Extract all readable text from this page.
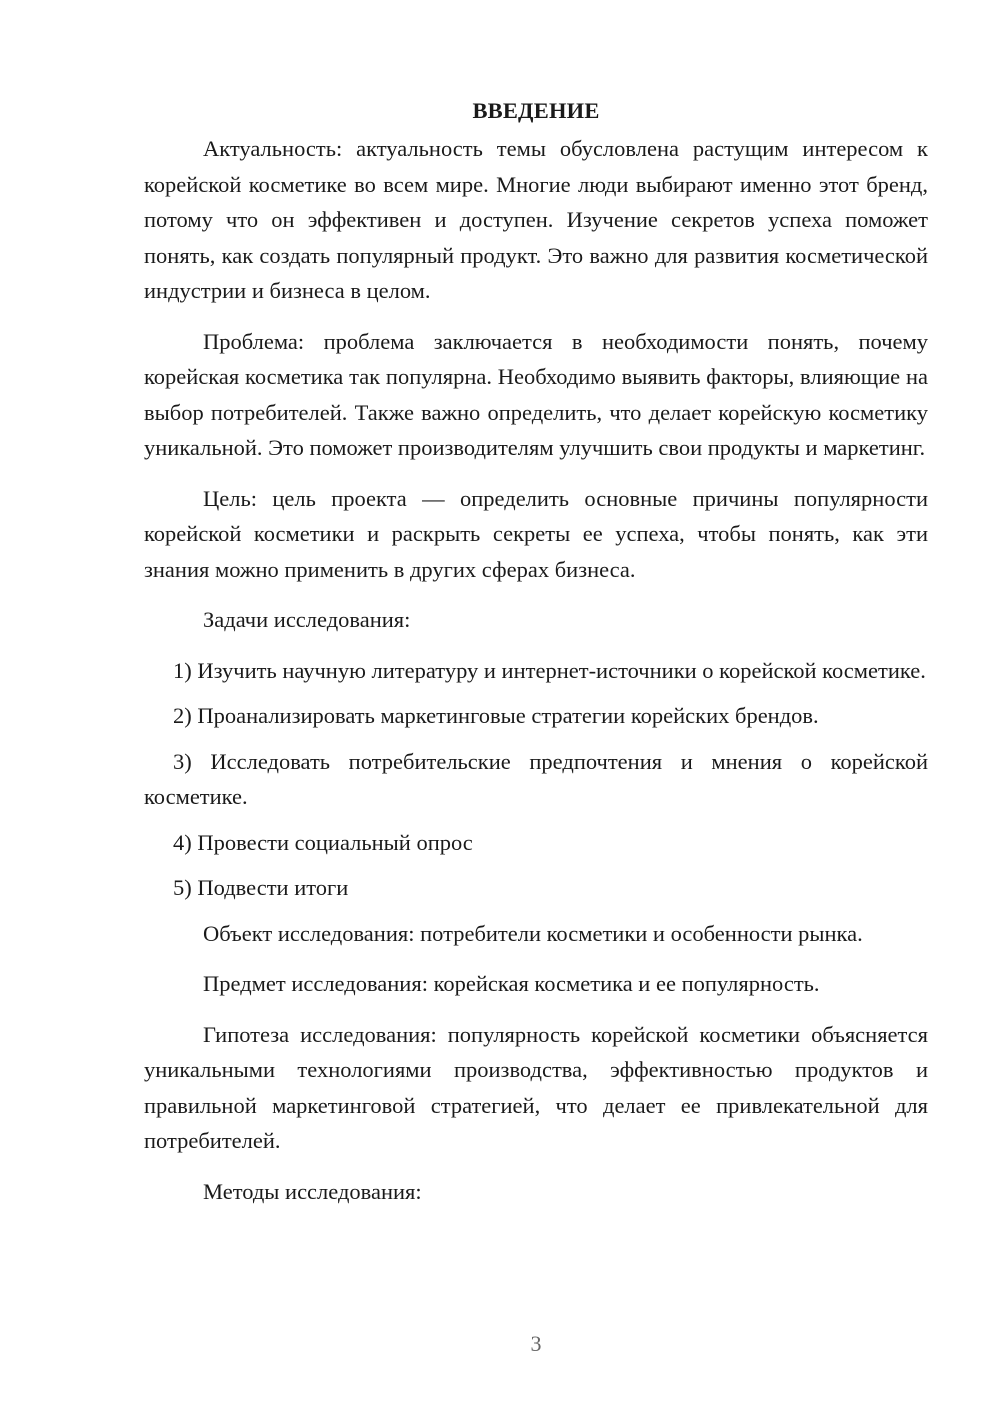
ВВЕДЕНИЕ

Актуальность: актуальность темы обусловлена растущим интересом к корейской косметике во всем мире. Многие люди выбирают именно этот бренд, потому что он эффективен и доступен. Изучение секретов успеха поможет понять, как создать популярный продукт. Это важно для развития косметической индустрии и бизнеса в целом.

Проблема: проблема заключается в необходимости понять, почему корейская косметика так популярна. Необходимо выявить факторы, влияющие на выбор потребителей. Также важно определить, что делает корейскую косметику уникальной. Это поможет производителям улучшить свои продукты и маркетинг.

Цель: цель проекта — определить основные причины популярности корейской косметики и раскрыть секреты ее успеха, чтобы понять, как эти знания можно применить в других сферах бизнеса.

Задачи исследования:

1) Изучить научную литературу и интернет-источники о корейской косметике.

2) Проанализировать маркетинговые стратегии корейских брендов.

3) Исследовать потребительские предпочтения и мнения о корейской косметике.

4) Провести социальный опрос

5) Подвести итоги

Объект исследования: потребители косметики и особенности рынка.

Предмет исследования: корейская косметика и ее популярность.

Гипотеза исследования: популярность корейской косметики объясняется уникальными технологиями производства, эффективностью продуктов и правильной маркетинговой стратегией, что делает ее привлекательной для потребителей.

Методы исследования:

3
